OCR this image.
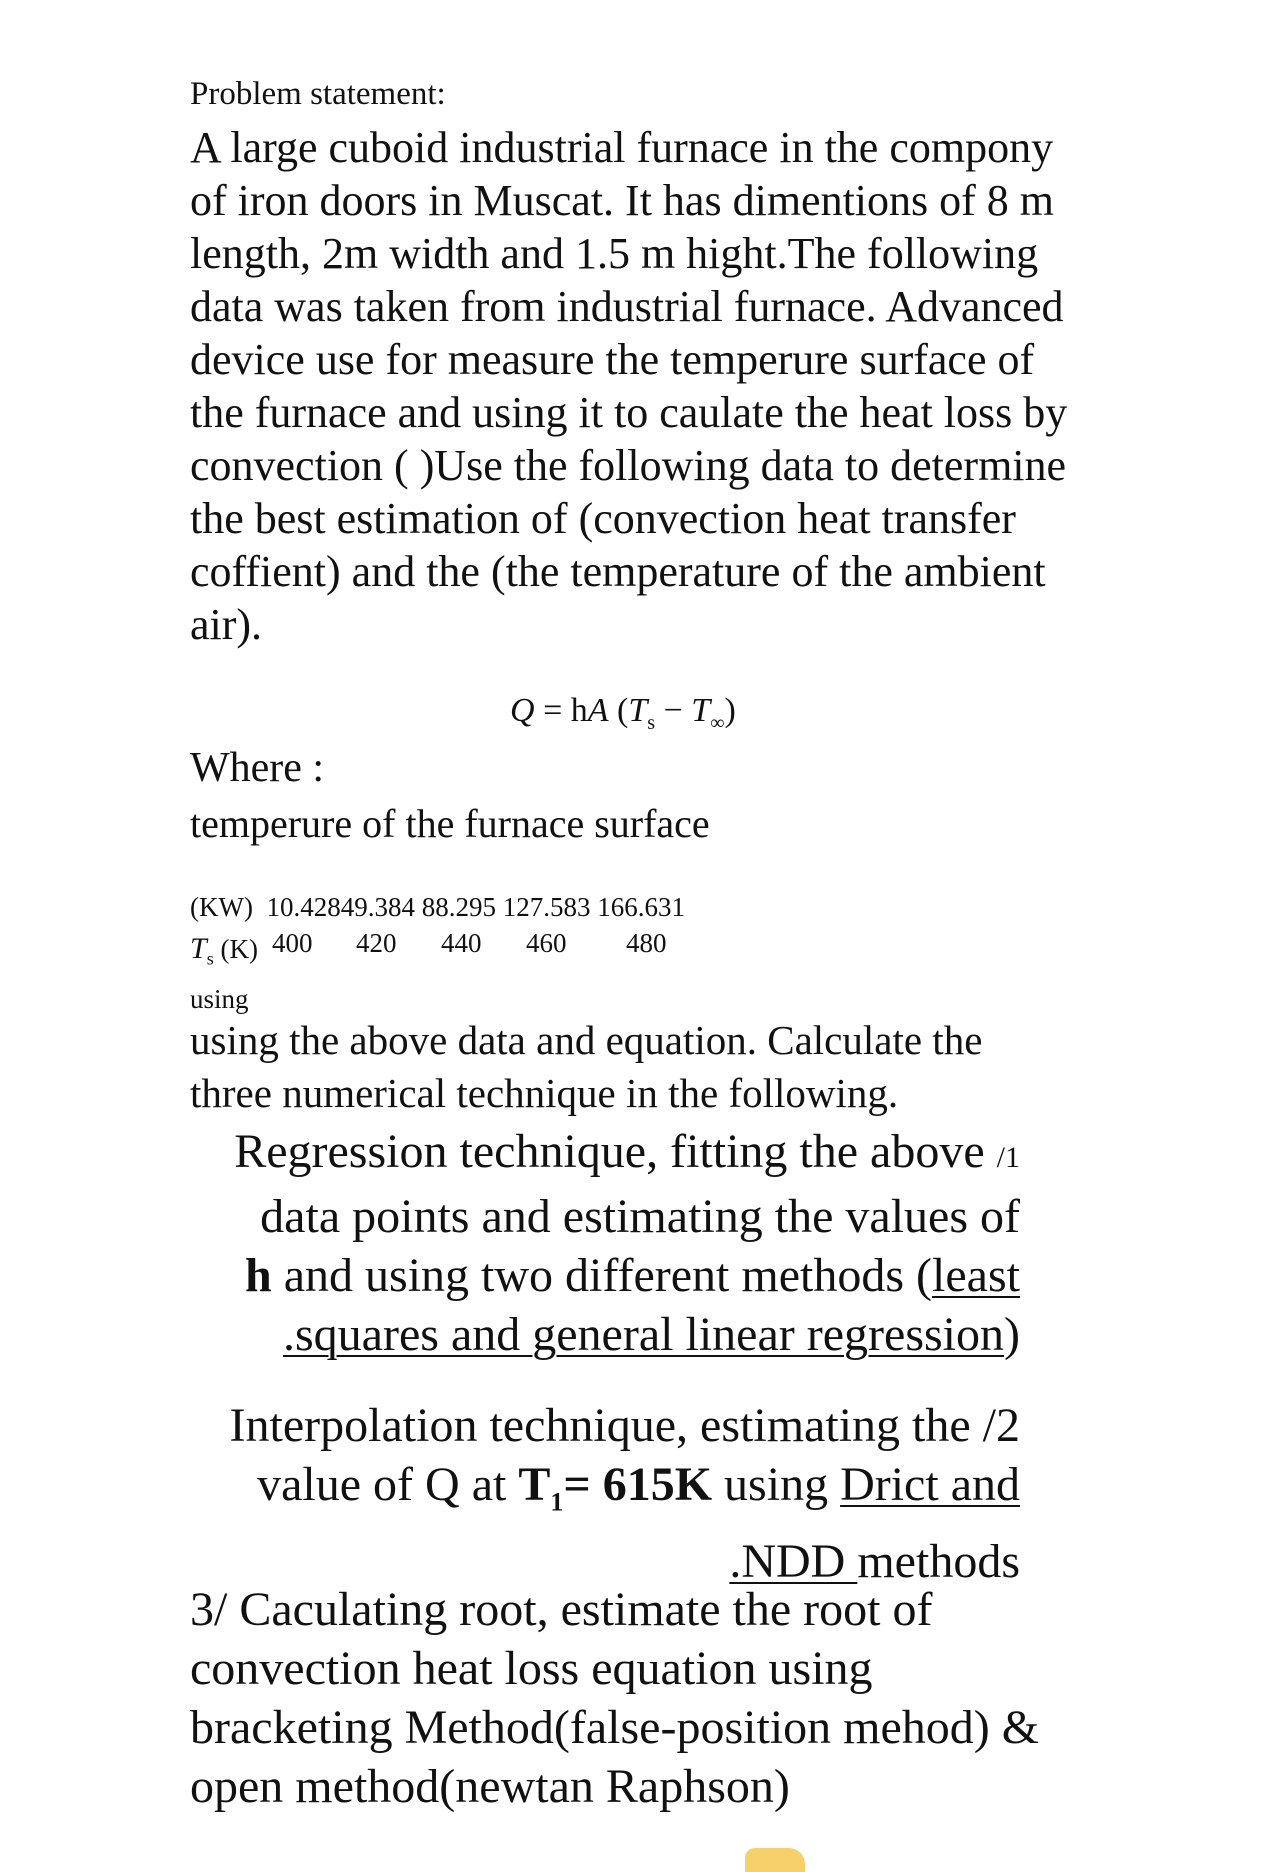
Problem statement:
A large cuboid industrial furnace in the compony
of iron doors in Muscat. It has dimentions of 8 m
length, 2m width and 1.5 m hight.The following
data was taken from industrial furnace. Advanced
device use for measure the temperure surface of
the furnace and using it to caulate the heat loss by
convection ( )Use the following data to determine
the best estimation of (convection heat transfer
coffient) and the (the temperature of the ambient
air).
Q = hA $(T_s - T_\infty)$
Where :
temperure of the furnace surface
(KW) 10.42849.384 88.295 127.583 166.631
$T_s$ (K) 400 420 440 460 480
using
using the above data and equation. Calculate the
three numerical technique in the following.
Regression technique, fitting the above /1
data points and estimating the values of
h and using two different methods (least
.squares and general linear regression)
Interpolation technique, estimating the /2
value of Q at $T_1= 615K$ using Drict and
.NDD methods
3/ Caculating root, estimate the root of
convection heat loss equation using
bracketing Method(false-position mehod) &
open method(newtan Raphson)
